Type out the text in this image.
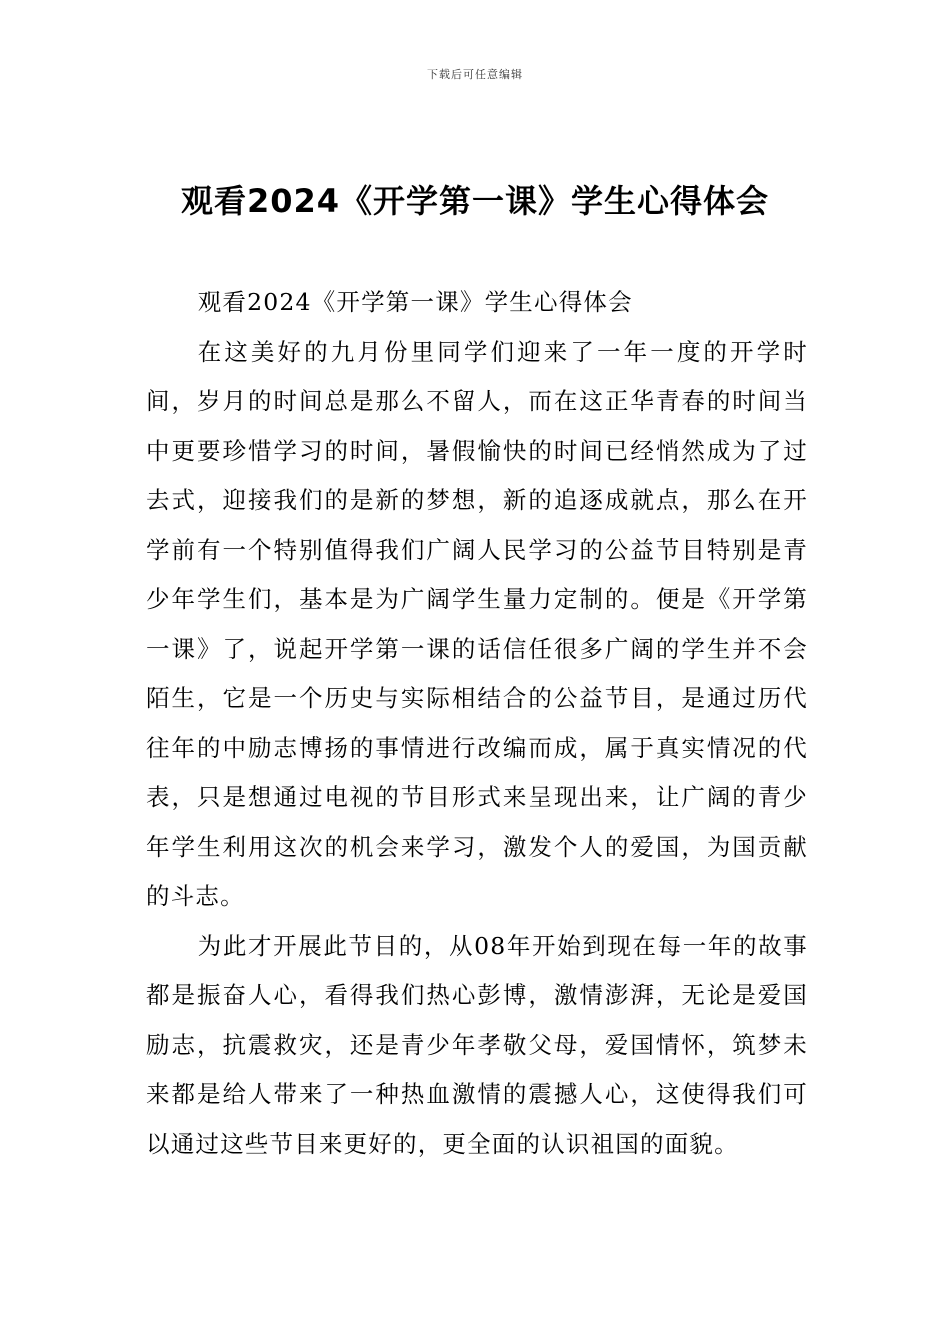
下载后可任意编辑
观看2024《开学第一课》学生心得体会

观看2024《开学第一课》学生心得体会

在这美好的九月份里同学们迎来了一年一度的开学时间，岁月的时间总是那么不留人，而在这正华青春的时间当中更要珍惜学习的时间，暑假愉快的时间已经悄然成为了过去式，迎接我们的是新的梦想，新的追逐成就点，那么在开学前有一个特别值得我们广阔人民学习的公益节目特别是青少年学生们，基本是为广阔学生量力定制的。便是《开学第一课》了，说起开学第一课的话信任很多广阔的学生并不会陌生，它是一个历史与实际相结合的公益节目，是通过历代往年的中励志博扬的事情进行改编而成，属于真实情况的代表，只是想通过电视的节目形式来呈现出来，让广阔的青少年学生利用这次的机会来学习，激发个人的爱国，为国贡献的斗志。

为此才开展此节目的，从08年开始到现在每一年的故事都是振奋人心，看得我们热心彭博，激情澎湃，无论是爱国励志，抗震救灾，还是青少年孝敬父母，爱国情怀，筑梦未来都是给人带来了一种热血激情的震撼人心，这使得我们可以通过这些节目来更好的，更全面的认识祖国的面貌。
